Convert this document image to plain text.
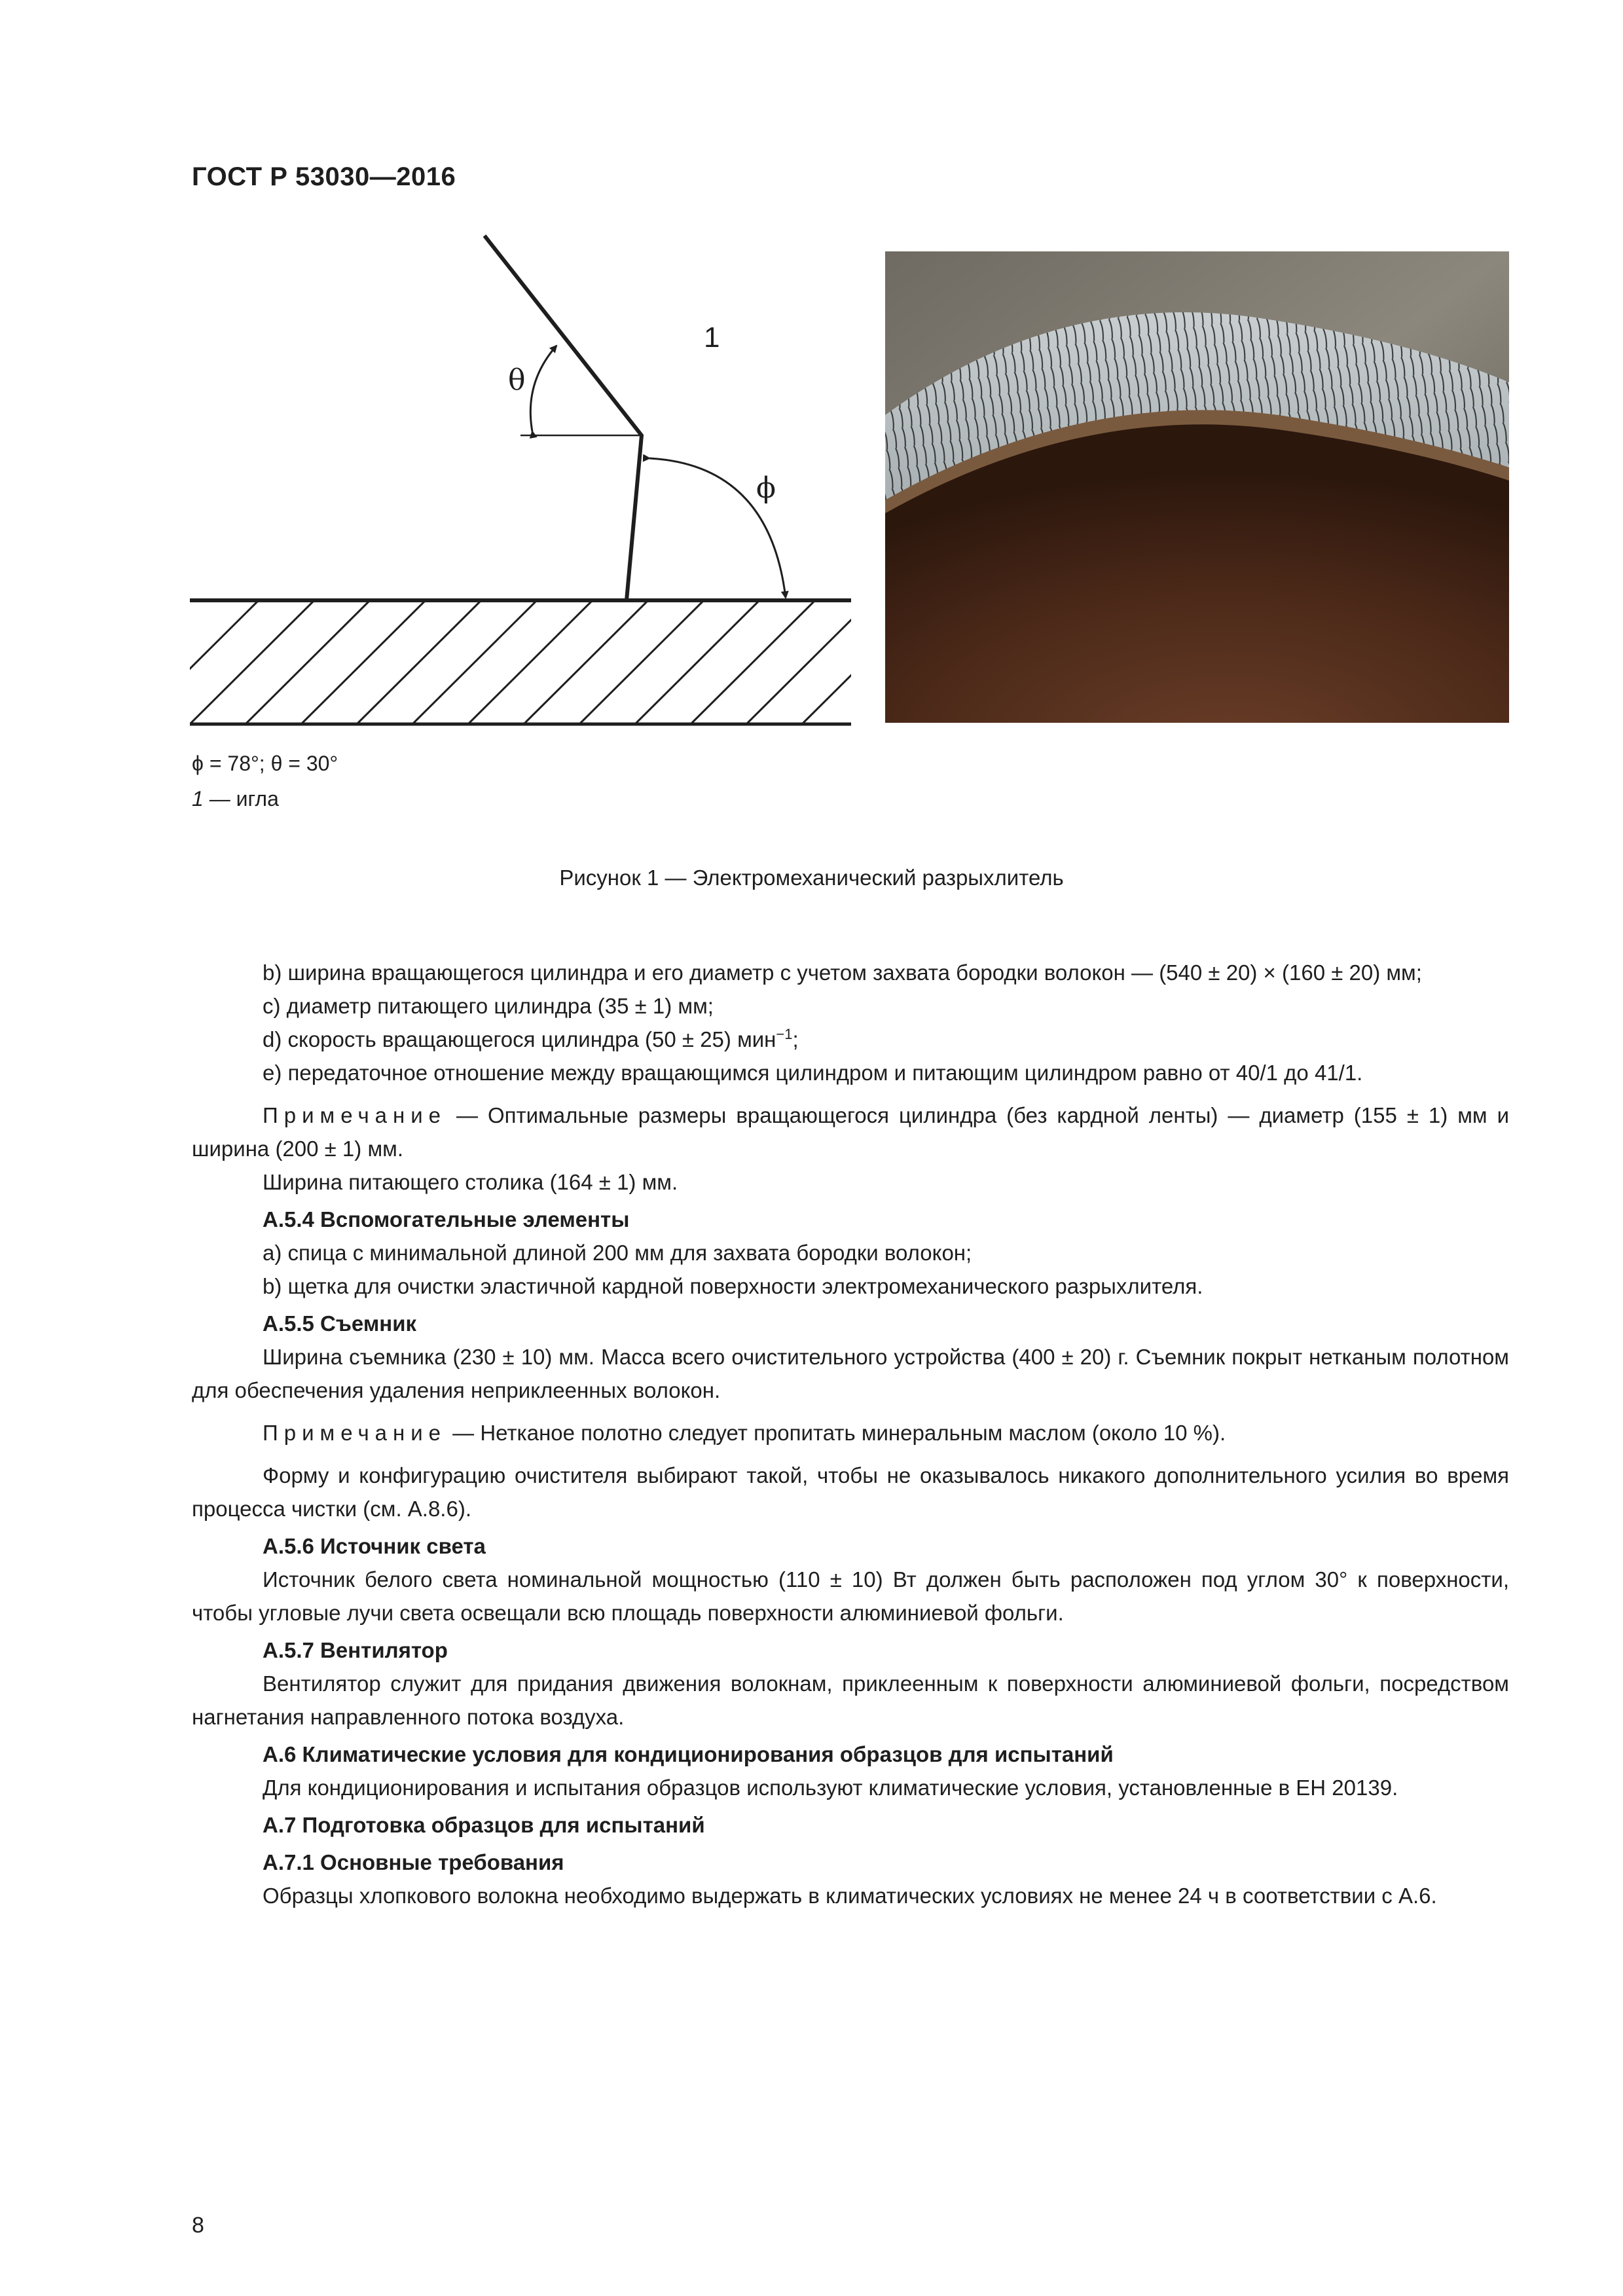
ГОСТ Р 53030—2016
θ
ϕ
1
ϕ = 78°; θ = 30°
1 — игла
Рисунок 1 — Электромеханический разрыхлитель

b) ширина вращающегося цилиндра и его диаметр с учетом захвата бородки волокон — (540 ± 20) × (160 ± 20) мм;

c) диаметр питающего цилиндра (35 ± 1) мм;

d) скорость вращающегося цилиндра (50 ± 25) мин$^{-1}$;

e) передаточное отношение между вращающимся цилиндром и питающим цилиндром равно от 40/1 до 41/1.

Примечание — Оптимальные размеры вращающегося цилиндра (без кардной ленты) — диаметр (155 ± 1) мм и ширина (200 ± 1) мм.

Ширина питающего столика (164 ± 1) мм.

А.5.4 Вспомогательные элементы

a) спица с минимальной длиной 200 мм для захвата бородки волокон;

b) щетка для очистки эластичной кардной поверхности электромеханического разрыхлителя.

А.5.5 Съемник

Ширина съемника (230 ± 10) мм. Масса всего очистительного устройства (400 ± 20) г. Съемник покрыт нетканым полотном для обеспечения удаления неприклеенных волокон.

Примечание — Нетканое полотно следует пропитать минеральным маслом (около 10 %).

Форму и конфигурацию очистителя выбирают такой, чтобы не оказывалось никакого дополнительного усилия во время процесса чистки (см. А.8.6).

А.5.6 Источник света

Источник белого света номинальной мощностью (110 ± 10) Вт должен быть расположен под углом 30° к поверхности, чтобы угловые лучи света освещали всю площадь поверхности алюминиевой фольги.

А.5.7 Вентилятор

Вентилятор служит для придания движения волокнам, приклеенным к поверхности алюминиевой фольги, посредством нагнетания направленного потока воздуха.

А.6 Климатические условия для кондиционирования образцов для испытаний

Для кондиционирования и испытания образцов используют климатические условия, установленные в ЕН 20139.

А.7 Подготовка образцов для испытаний

А.7.1 Основные требования

Образцы хлопкового волокна необходимо выдержать в климатических условиях не менее 24 ч в соответствии с А.6.

8
